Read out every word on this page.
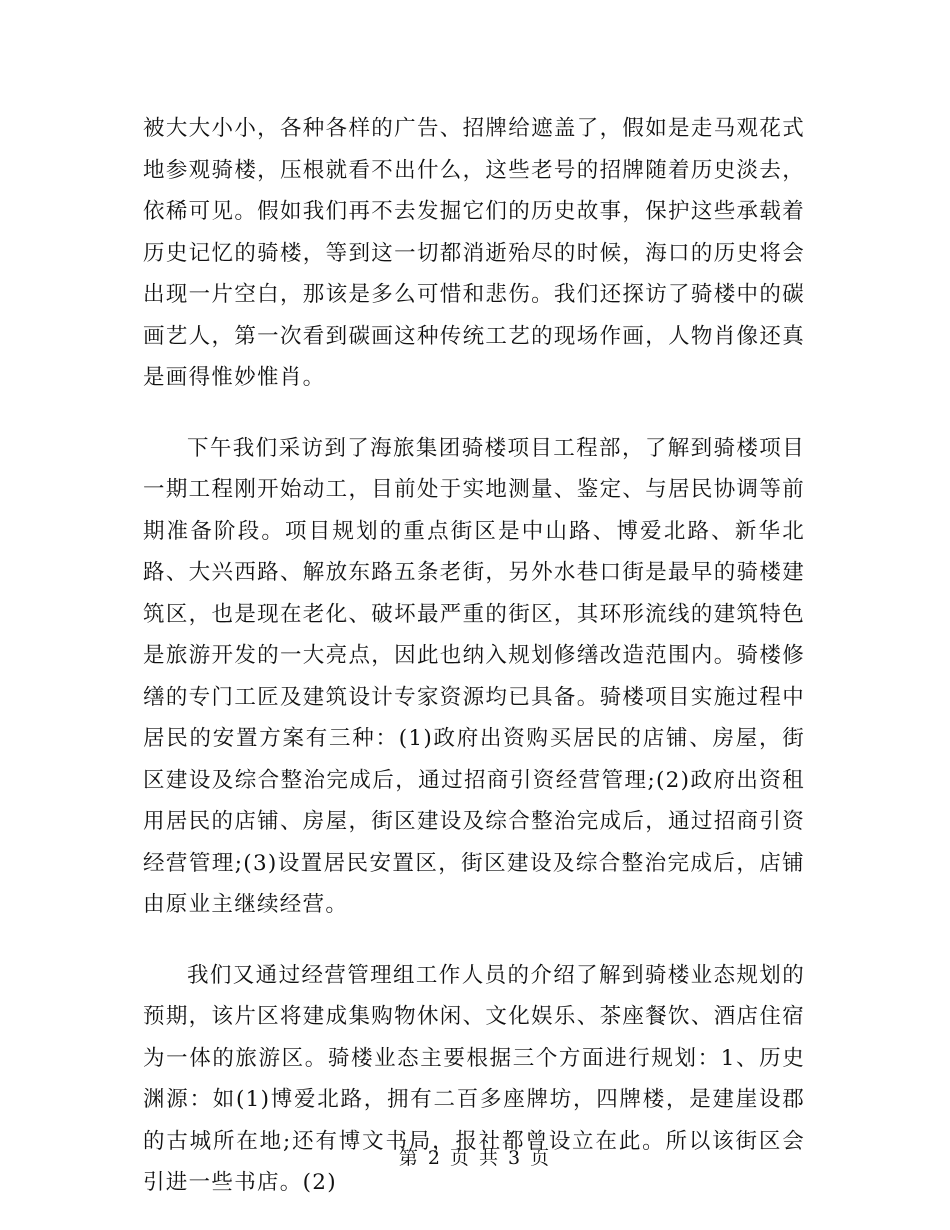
被大大小小，各种各样的广告、招牌给遮盖了，假如是走马观花式地参观骑楼，压根就看不出什么，这些老号的招牌随着历史淡去，依稀可见。假如我们再不去发掘它们的历史故事，保护这些承载着历史记忆的骑楼，等到这一切都消逝殆尽的时候，海口的历史将会出现一片空白，那该是多么可惜和悲伤。我们还探访了骑楼中的碳画艺人，第一次看到碳画这种传统工艺的现场作画，人物肖像还真是画得惟妙惟肖。

下午我们采访到了海旅集团骑楼项目工程部，了解到骑楼项目一期工程刚开始动工，目前处于实地测量、鉴定、与居民协调等前期准备阶段。项目规划的重点街区是中山路、博爱北路、新华北路、大兴西路、解放东路五条老街，另外水巷口街是最早的骑楼建筑区，也是现在老化、破坏最严重的街区，其环形流线的建筑特色是旅游开发的一大亮点，因此也纳入规划修缮改造范围内。骑楼修缮的专门工匠及建筑设计专家资源均已具备。骑楼项目实施过程中居民的安置方案有三种：(1)政府出资购买居民的店铺、房屋，街区建设及综合整治完成后，通过招商引资经营管理;(2)政府出资租用居民的店铺、房屋，街区建设及综合整治完成后，通过招商引资经营管理;(3)设置居民安置区，街区建设及综合整治完成后，店铺由原业主继续经营。

我们又通过经营管理组工作人员的介绍了解到骑楼业态规划的预期，该片区将建成集购物休闲、文化娱乐、茶座餐饮、酒店住宿为一体的旅游区。骑楼业态主要根据三个方面进行规划：1、历史渊源：如(1)博爱北路，拥有二百多座牌坊，四牌楼，是建崖设郡的古城所在地;还有博文书局，报社都曾设立在此。所以该街区会引进一些书店。(2)

第 2 页 共 3 页
